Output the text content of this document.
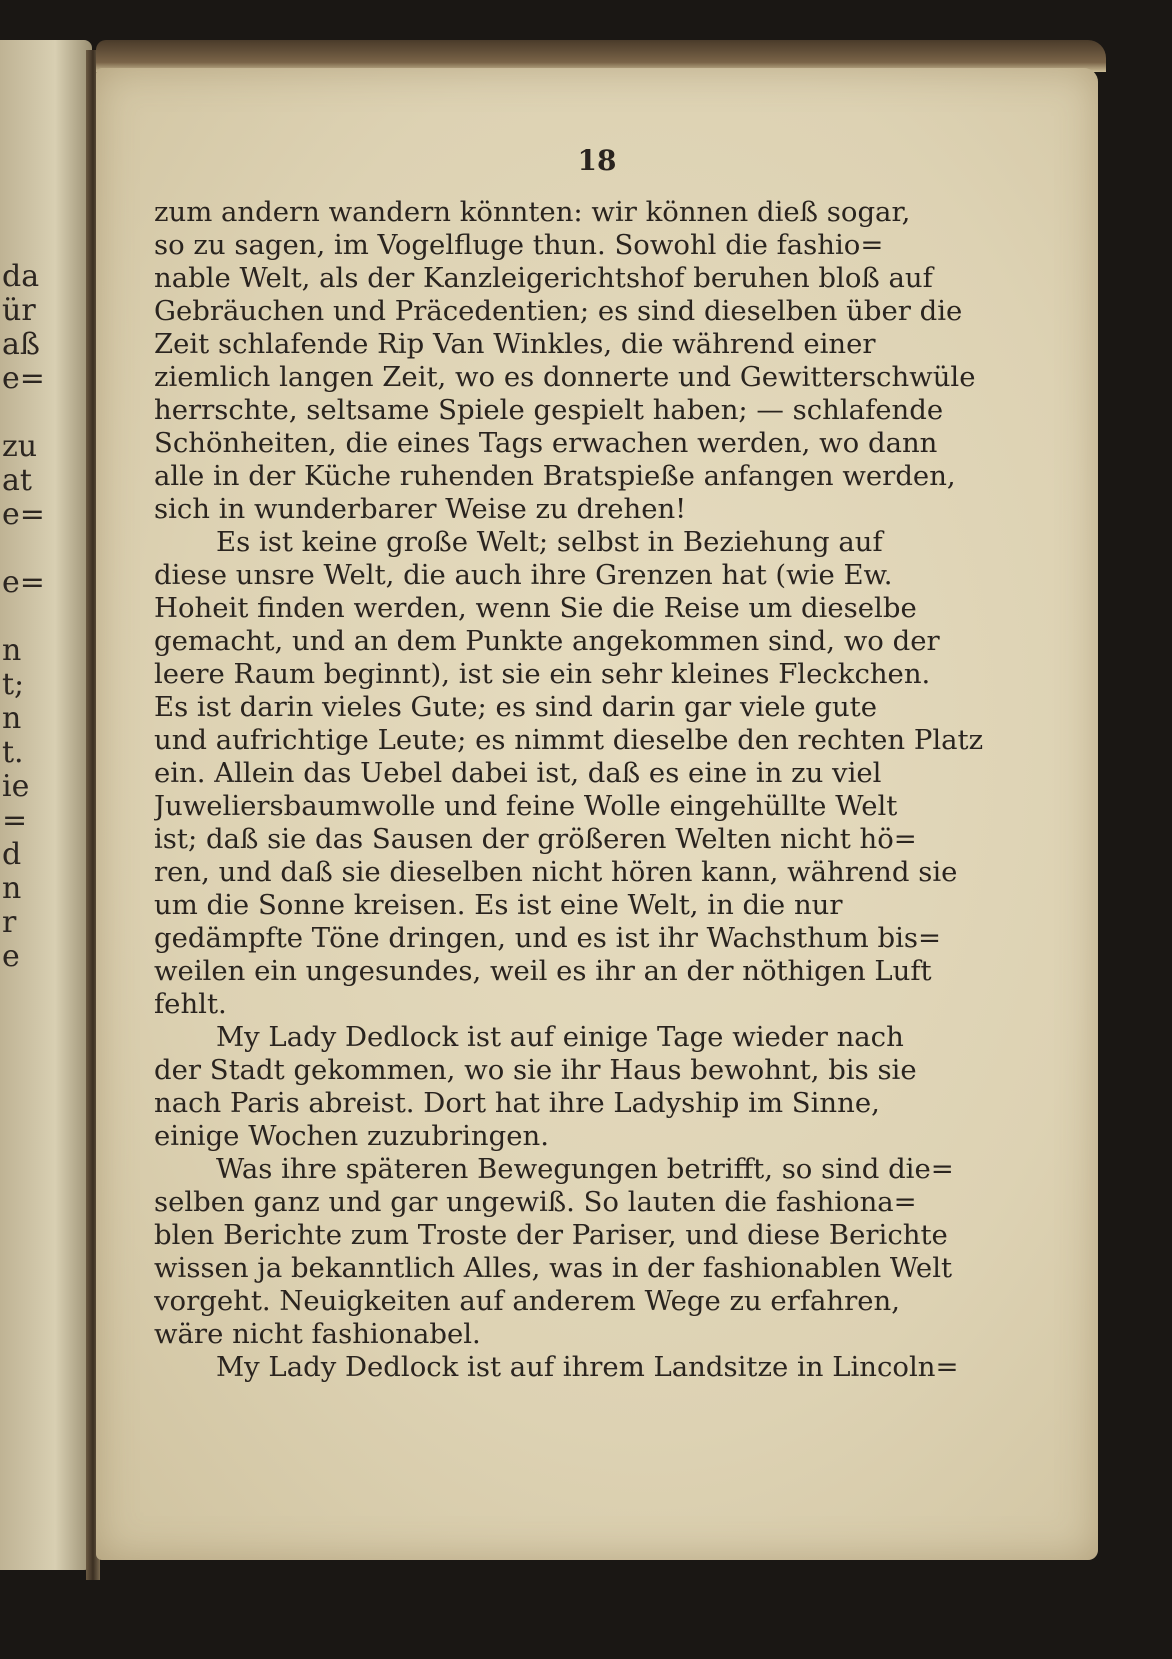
da
ür
aß
e=
zu
at
e=
e=
n
t;
n
t.
ie
=
d
n
r
e
18
zum andern wandern könnten: wir können dieß sogar,
so zu sagen, im Vogelfluge thun. Sowohl die fashio=
nable Welt, als der Kanzleigerichtshof beruhen bloß auf
Gebräuchen und Präcedentien; es sind dieselben über die
Zeit schlafende Rip Van Winkles, die während einer
ziemlich langen Zeit, wo es donnerte und Gewitterschwüle
herrschte, seltsame Spiele gespielt haben; — schlafende
Schönheiten, die eines Tags erwachen werden, wo dann
alle in der Küche ruhenden Bratspieße anfangen werden,
sich in wunderbarer Weise zu drehen!
Es ist keine große Welt; selbst in Beziehung auf
diese unsre Welt, die auch ihre Grenzen hat (wie Ew.
Hoheit finden werden, wenn Sie die Reise um dieselbe
gemacht, und an dem Punkte angekommen sind, wo der
leere Raum beginnt), ist sie ein sehr kleines Fleckchen.
Es ist darin vieles Gute; es sind darin gar viele gute
und aufrichtige Leute; es nimmt dieselbe den rechten Platz
ein. Allein das Uebel dabei ist, daß es eine in zu viel
Juweliersbaumwolle und feine Wolle eingehüllte Welt
ist; daß sie das Sausen der größeren Welten nicht hö=
ren, und daß sie dieselben nicht hören kann, während sie
um die Sonne kreisen. Es ist eine Welt, in die nur
gedämpfte Töne dringen, und es ist ihr Wachsthum bis=
weilen ein ungesundes, weil es ihr an der nöthigen Luft
fehlt.
My Lady Dedlock ist auf einige Tage wieder nach
der Stadt gekommen, wo sie ihr Haus bewohnt, bis sie
nach Paris abreist. Dort hat ihre Ladyship im Sinne,
einige Wochen zuzubringen.
Was ihre späteren Bewegungen betrifft, so sind die=
selben ganz und gar ungewiß. So lauten die fashiona=
blen Berichte zum Troste der Pariser, und diese Berichte
wissen ja bekanntlich Alles, was in der fashionablen Welt
vorgeht. Neuigkeiten auf anderem Wege zu erfahren,
wäre nicht fashionabel.
My Lady Dedlock ist auf ihrem Landsitze in Lincoln=
